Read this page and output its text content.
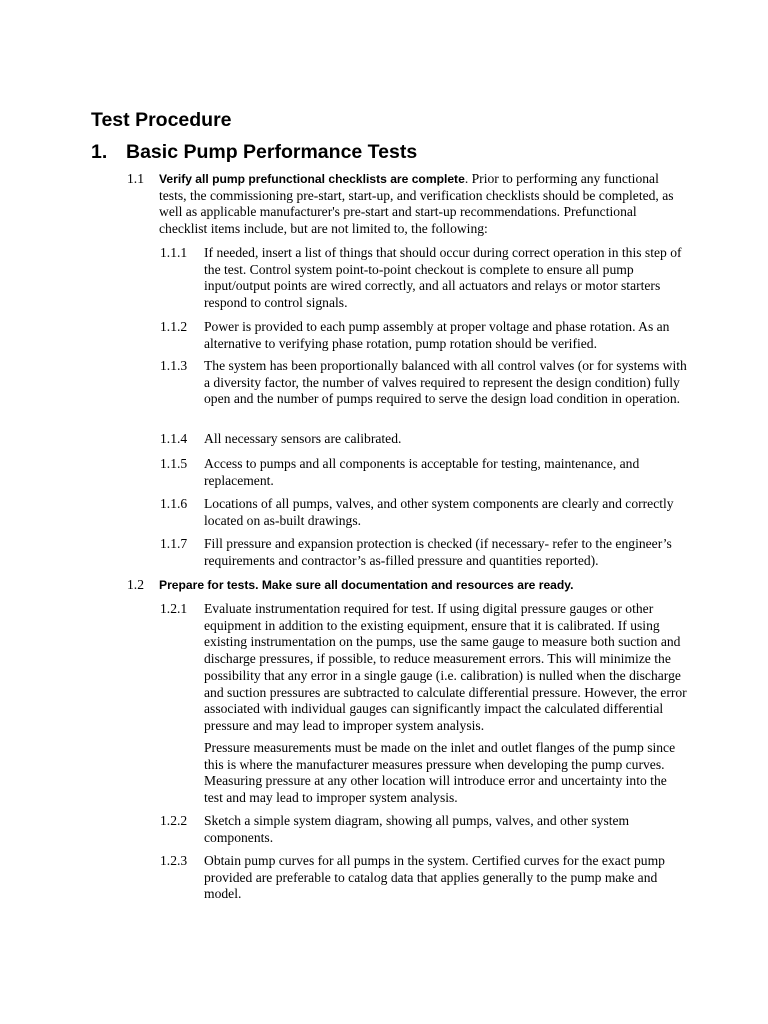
Test Procedure
1. Basic Pump Performance Tests
1.1 Verify all pump prefunctional checklists are complete. Prior to performing any functional tests, the commissioning pre-start, start-up, and verification checklists should be completed, as well as applicable manufacturer's pre-start and start-up recommendations. Prefunctional checklist items include, but are not limited to, the following:
1.1.1 If needed, insert a list of things that should occur during correct operation in this step of the test. Control system point-to-point checkout is complete to ensure all pump input/output points are wired correctly, and all actuators and relays or motor starters respond to control signals.
1.1.2 Power is provided to each pump assembly at proper voltage and phase rotation. As an alternative to verifying phase rotation, pump rotation should be verified.
1.1.3 The system has been proportionally balanced with all control valves (or for systems with a diversity factor, the number of valves required to represent the design condition) fully open and the number of pumps required to serve the design load condition in operation.
1.1.4 All necessary sensors are calibrated.
1.1.5 Access to pumps and all components is acceptable for testing, maintenance, and replacement.
1.1.6 Locations of all pumps, valves, and other system components are clearly and correctly located on as-built drawings.
1.1.7 Fill pressure and expansion protection is checked (if necessary- refer to the engineer’s requirements and contractor’s as-filled pressure and quantities reported).
1.2 Prepare for tests. Make sure all documentation and resources are ready.
1.2.1 Evaluate instrumentation required for test. If using digital pressure gauges or other equipment in addition to the existing equipment, ensure that it is calibrated. If using existing instrumentation on the pumps, use the same gauge to measure both suction and discharge pressures, if possible, to reduce measurement errors. This will minimize the possibility that any error in a single gauge (i.e. calibration) is nulled when the discharge and suction pressures are subtracted to calculate differential pressure. However, the error associated with individual gauges can significantly impact the calculated differential pressure and may lead to improper system analysis.
Pressure measurements must be made on the inlet and outlet flanges of the pump since this is where the manufacturer measures pressure when developing the pump curves. Measuring pressure at any other location will introduce error and uncertainty into the test and may lead to improper system analysis.
1.2.2 Sketch a simple system diagram, showing all pumps, valves, and other system components.
1.2.3 Obtain pump curves for all pumps in the system. Certified curves for the exact pump provided are preferable to catalog data that applies generally to the pump make and model.
